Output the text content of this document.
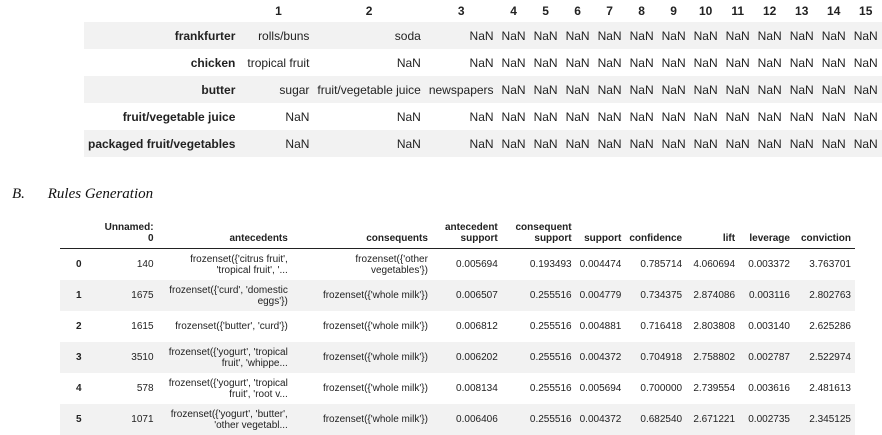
	1	2	3	4	5	6	7	8	9	10	11	12	13	14	15
frankfurter	rolls/buns	soda	NaN	NaN	NaN	NaN	NaN	NaN	NaN	NaN	NaN	NaN	NaN	NaN	NaN
chicken	tropical fruit	NaN	NaN	NaN	NaN	NaN	NaN	NaN	NaN	NaN	NaN	NaN	NaN	NaN	NaN
butter	sugar	fruit/vegetable juice	newspapers	NaN	NaN	NaN	NaN	NaN	NaN	NaN	NaN	NaN	NaN	NaN	NaN
fruit/vegetable juice	NaN	NaN	NaN	NaN	NaN	NaN	NaN	NaN	NaN	NaN	NaN	NaN	NaN	NaN	NaN
packaged fruit/vegetables	NaN	NaN	NaN	NaN	NaN	NaN	NaN	NaN	NaN	NaN	NaN	NaN	NaN	NaN	NaN
B. Rules Generation
	Unnamed: 0	antecedents	consequents	antecedent support	consequent support	support	confidence	lift	leverage	conviction
0	140	frozenset({'citrus fruit', 'tropical fruit', '...	frozenset({'other vegetables'})	0.005694	0.193493	0.004474	0.785714	4.060694	0.003372	3.763701
1	1675	frozenset({'curd', 'domestic eggs'})	frozenset({'whole milk'})	0.006507	0.255516	0.004779	0.734375	2.874086	0.003116	2.802763
2	1615	frozenset({'butter', 'curd'})	frozenset({'whole milk'})	0.006812	0.255516	0.004881	0.716418	2.803808	0.003140	2.625286
3	3510	frozenset({'yogurt', 'tropical fruit', 'whippe...	frozenset({'whole milk'})	0.006202	0.255516	0.004372	0.704918	2.758802	0.002787	2.522974
4	578	frozenset({'yogurt', 'tropical fruit', 'root v...	frozenset({'whole milk'})	0.008134	0.255516	0.005694	0.700000	2.739554	0.003616	2.481613
5	1071	frozenset({'yogurt', 'butter', 'other vegetabl...	frozenset({'whole milk'})	0.006406	0.255516	0.004372	0.682540	2.671221	0.002735	2.345125
